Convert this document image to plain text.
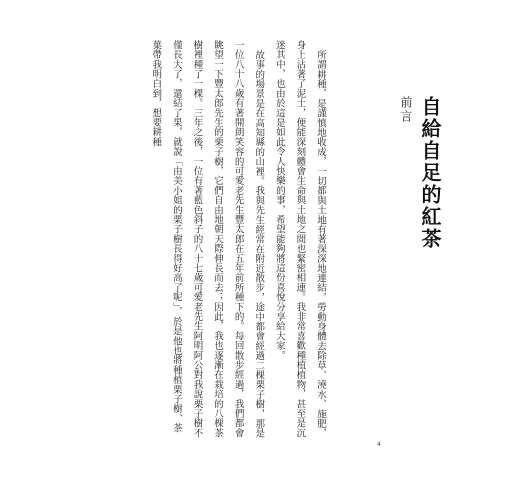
前言 自給自足的紅茶

所謂耕種，是謹慎地收成，一切都與土地有著深深地連結，勞動身體去除草、澆水、施肥，身上沾著了泥土，便能深刻體會生命與土地之間也緊密相連。我非常喜歡種植植物，甚至是沉迷其中，也由於這是如此令人快樂的事，希望能夠將這份喜悅分享給大家。

故事的場景是在高知縣的山裡。我與先生經常在附近散步，途中都會經過二棵栗子樹，那是一位八十八歲有著開朗笑容的可愛老先生豐太郎在五年前所種下的。每回散步經過，我們都會眺望一下豐太郎先生的栗子樹，它們自由地朝天際伸長而去；因此，我也逐漸在栽培的八棵茶樹裡種了一棵。三年之後，一位有著藍色斜子的八十七歲可愛老先生阿明阿公對我說栗子樹不僅長大了，還結了果，就說「由美小姐的栗子樹長得好高了呢」，於是他也將種植栗子樹、茶葉帶我明白到，想要耕種

4
